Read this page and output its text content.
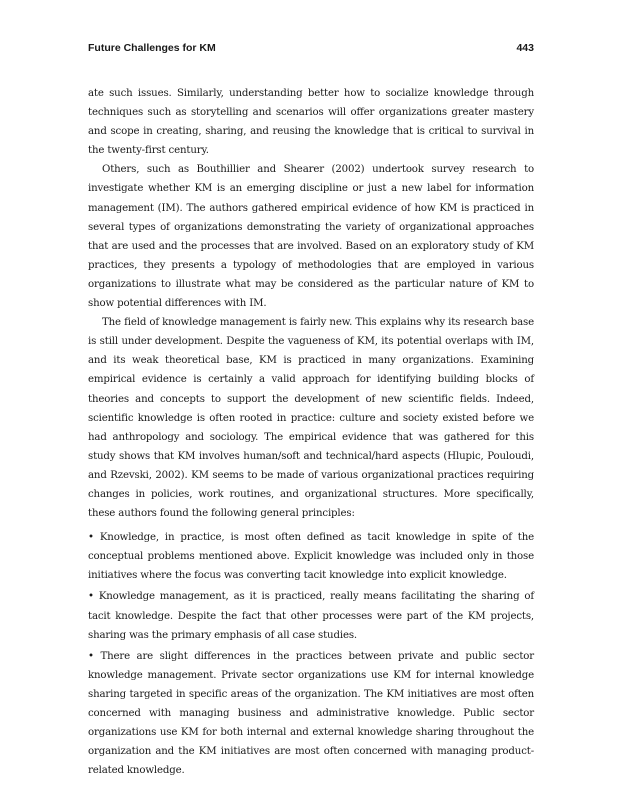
Future Challenges for KM	443

ate such issues. Similarly, understanding better how to socialize knowledge through techniques such as storytelling and scenarios will offer organizations greater mastery and scope in creating, sharing, and reusing the knowledge that is critical to survival in the twenty-first century.

Others, such as Bouthillier and Shearer (2002) undertook survey research to investigate whether KM is an emerging discipline or just a new label for information management (IM). The authors gathered empirical evidence of how KM is practiced in several types of organizations demonstrating the variety of organizational approaches that are used and the processes that are involved. Based on an exploratory study of KM practices, they presents a typology of methodologies that are employed in various organizations to illustrate what may be considered as the particular nature of KM to show potential differences with IM.

The field of knowledge management is fairly new. This explains why its research base is still under development. Despite the vagueness of KM, its potential overlaps with IM, and its weak theoretical base, KM is practiced in many organizations. Examining empirical evidence is certainly a valid approach for identifying building blocks of theories and concepts to support the development of new scientific fields. Indeed, scientific knowledge is often rooted in practice: culture and society existed before we had anthropology and sociology. The empirical evidence that was gathered for this study shows that KM involves human/soft and technical/hard aspects (Hlupic, Pouloudi, and Rzevski, 2002). KM seems to be made of various organizational practices requiring changes in policies, work routines, and organizational structures. More specifically, these authors found the following general principles:

• Knowledge, in practice, is most often defined as tacit knowledge in spite of the conceptual problems mentioned above. Explicit knowledge was included only in those initiatives where the focus was converting tacit knowledge into explicit knowledge.
• Knowledge management, as it is practiced, really means facilitating the sharing of tacit knowledge. Despite the fact that other processes were part of the KM projects, sharing was the primary emphasis of all case studies.
• There are slight differences in the practices between private and public sector knowledge management. Private sector organizations use KM for internal knowledge sharing targeted in specific areas of the organization. The KM initiatives are most often concerned with managing business and administrative knowledge. Public sector organizations use KM for both internal and external knowledge sharing throughout the organization and the KM initiatives are most often concerned with managing product-related knowledge.
